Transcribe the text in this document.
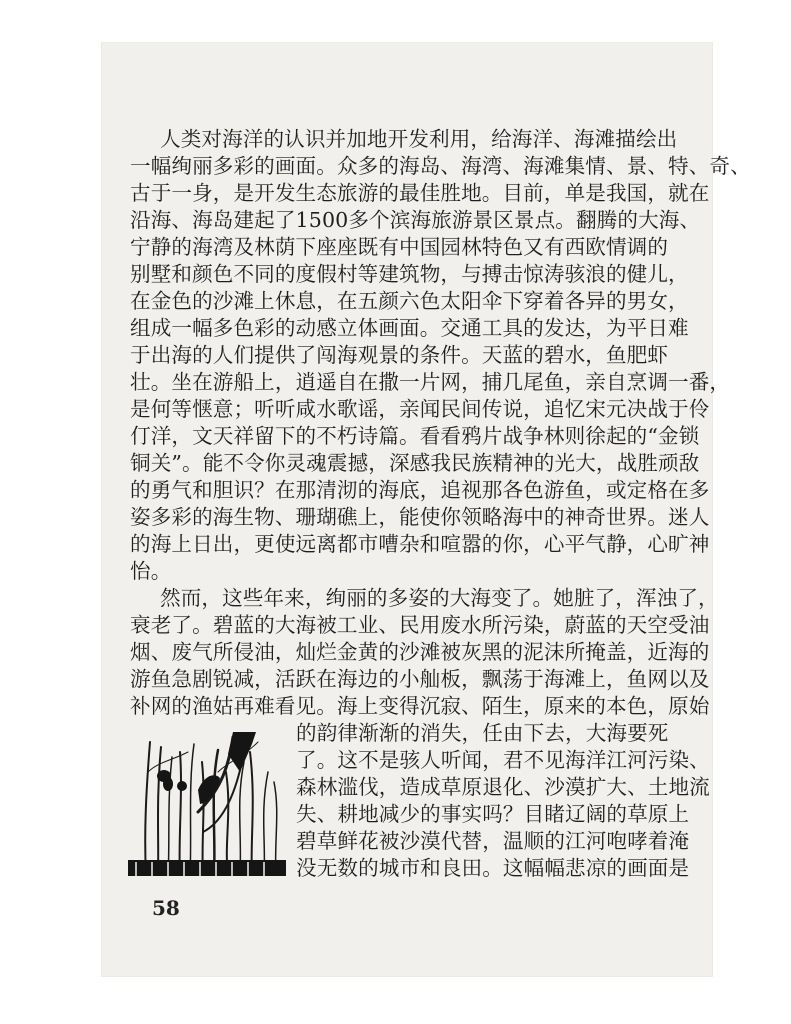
人类对海洋的认识并加地开发利用，给海洋、海滩描绘出
一幅绚丽多彩的画面。众多的海岛、海湾、海滩集情、景、特、奇、
古于一身，是开发生态旅游的最佳胜地。目前，单是我国，就在
沿海、海岛建起了1500多个滨海旅游景区景点。翻腾的大海、
宁静的海湾及林荫下座座既有中国园林特色又有西欧情调的
别墅和颜色不同的度假村等建筑物，与搏击惊涛骇浪的健儿，
在金色的沙滩上休息，在五颜六色太阳伞下穿着各异的男女，
组成一幅多色彩的动感立体画面。交通工具的发达，为平日难
于出海的人们提供了闯海观景的条件。天蓝的碧水，鱼肥虾
壮。坐在游船上，逍遥自在撒一片网，捕几尾鱼，亲自烹调一番，
是何等惬意；听听咸水歌谣，亲闻民间传说，追忆宋元决战于伶
仃洋，文天祥留下的不朽诗篇。看看鸦片战争林则徐起的“金锁
铜关”。能不令你灵魂震撼，深感我民族精神的光大，战胜顽敌
的勇气和胆识？在那清沏的海底，追视那各色游鱼，或定格在多
姿多彩的海生物、珊瑚礁上，能使你领略海中的神奇世界。迷人
的海上日出，更使远离都市嘈杂和喧嚣的你，心平气静，心旷神
怡。
然而，这些年来，绚丽的多姿的大海变了。她脏了，浑浊了，
衰老了。碧蓝的大海被工业、民用废水所污染，蔚蓝的天空受油
烟、废气所侵油，灿烂金黄的沙滩被灰黑的泥沫所掩盖，近海的
游鱼急剧锐减，活跃在海边的小舢板，飘荡于海滩上，鱼网以及
补网的渔姑再难看见。海上变得沉寂、陌生，原来的本色，原始
的韵律渐渐的消失，任由下去，大海要死
了。这不是骇人听闻，君不见海洋江河污染、
森林滥伐，造成草原退化、沙漠扩大、土地流
失、耕地减少的事实吗？目睹辽阔的草原上
碧草鲜花被沙漠代替，温顺的江河咆哮着淹
没无数的城市和良田。这幅幅悲凉的画面是
58
